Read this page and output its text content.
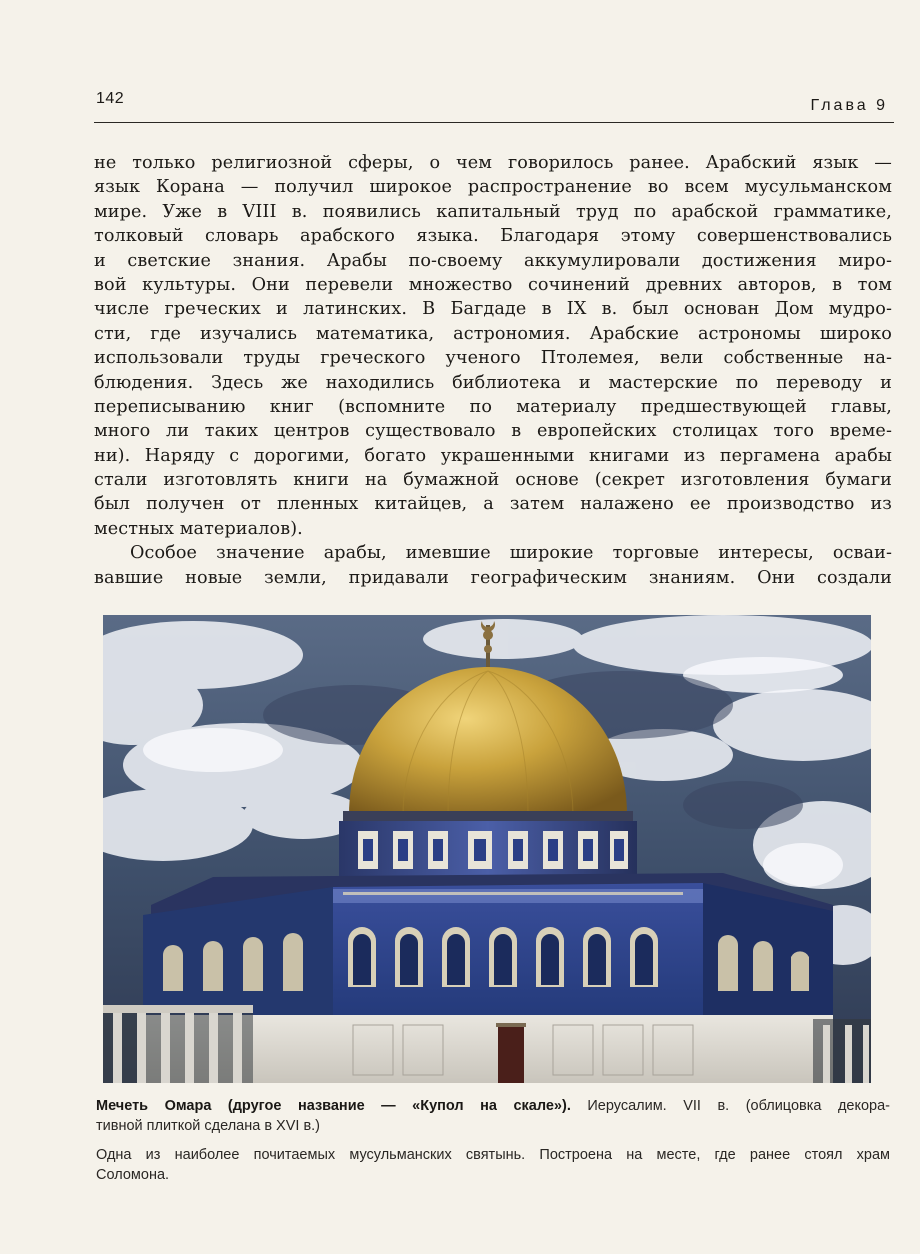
142	Глава 9
не только религиозной сферы, о чем говорилось ранее. Арабский язык —
язык Корана — получил широкое распространение во всем мусульманском
мире. Уже в VIII в. появились капитальный труд по арабской грамматике,
толковый словарь арабского языка. Благодаря этому совершенствовались
и светские знания. Арабы по-своему аккумулировали достижения миро-
вой культуры. Они перевели множество сочинений древних авторов, в том
числе греческих и латинских. В Багдаде в IX в. был основан Дом мудро-
сти, где изучались математика, астрономия. Арабские астрономы широко
использовали труды греческого ученого Птолемея, вели собственные на-
блюдения. Здесь же находились библиотека и мастерские по переводу и
переписыванию книг (вспомните по материалу предшествующей главы,
много ли таких центров существовало в европейских столицах того време-
ни). Наряду с дорогими, богато украшенными книгами из пергамена арабы
стали изготовлять книги на бумажной основе (секрет изготовления бумаги
был получен от пленных китайцев, а затем налажено ее производство из
местных материалов).
Особое значение арабы, имевшие широкие торговые интересы, осваи-
вавшие новые земли, придавали географическим знаниям. Они создали
Мечеть Омара (другое название — «Купол на скале»). Иерусалим. VII в. (облицовка декора-
тивной плиткой сделана в XVI в.)
Одна из наиболее почитаемых мусульманских святынь. Построена на месте, где ранее стоял храм
Соломона.
